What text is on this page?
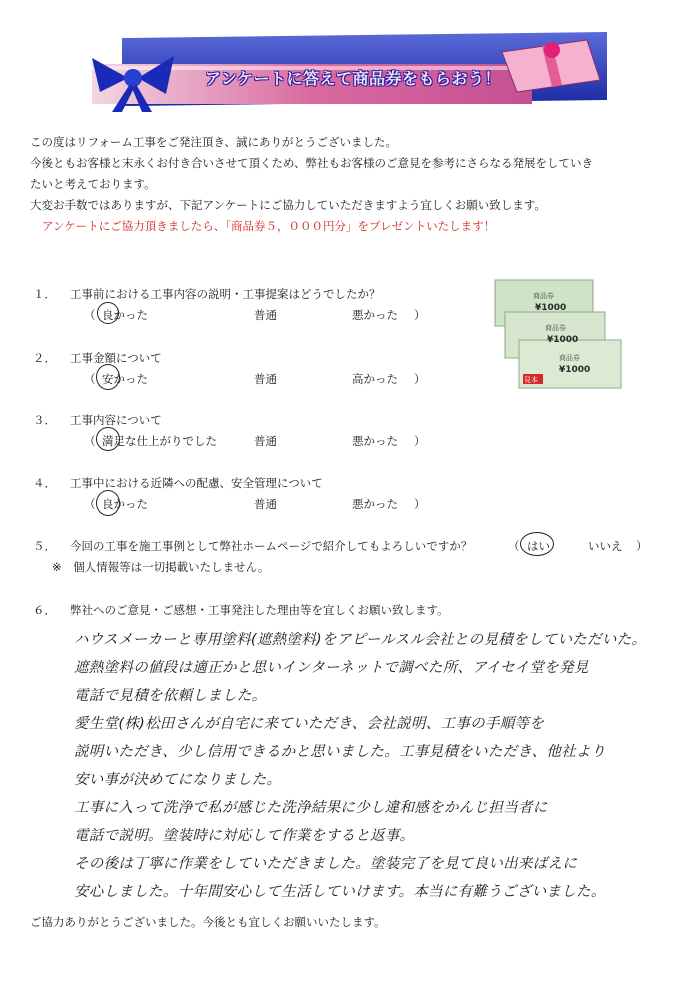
アンケートに答えて商品券をもらおう！
この度はリフォーム工事をご発注頂き、誠にありがとうございました。
今後ともお客様と末永くお付き合いさせて頂くため、弊社もお客様のご意見を参考にさらなる発展をしていき
たいと考えております。
大変お手数ではありますが、下記アンケートにご協力していただきますよう宜しくお願い致します。
アンケートにご協力頂きましたら、「商品券５，０００円分」をプレゼントいたします！
商品券
¥1000
商品券
¥1000
商品券
¥1000
見本
１． 工事前における工事内容の説明・工事提案はどうでしたか？
（ 良かった	普通	悪かった ）
２． 工事金額について
（ 安かった	普通	高かった ）
３． 工事内容について
（ 満足な仕上がりでした	普通	悪かった ）
４． 工事中における近隣への配慮、安全管理について
（ 良かった	普通	悪かった ）
５． 今回の工事を施工事例として弊社ホームページで紹介してもよろしいですか？	（ はい	いいえ ）
※　個人情報等は一切掲載いたしません。
６． 弊社へのご意見・ご感想・工事発注した理由等を宜しくお願い致します。
ハウスメーカーと専用塗料(遮熱塗料)をアピールスル会社との見積をしていただいた。
遮熱塗料の値段は適正かと思いインターネットで調べた所、アイセイ堂を発見
電話で見積を依頼しました。
愛生堂(株)松田さんが自宅に来ていただき、会社説明、工事の手順等を
説明いただき、少し信用できるかと思いました。工事見積をいただき、他社より
安い事が決めてになりました。
工事に入って洗浄で私が感じた洗浄結果に少し違和感をかんじ担当者に
電話で説明。塗装時に対応して作業をすると返事。
その後は丁寧に作業をしていただきました。塗装完了を見て良い出来ばえに
安心しました。十年間安心して生活していけます。本当に有難うございました。
ご協力ありがとうございました。今後とも宜しくお願いいたします。
